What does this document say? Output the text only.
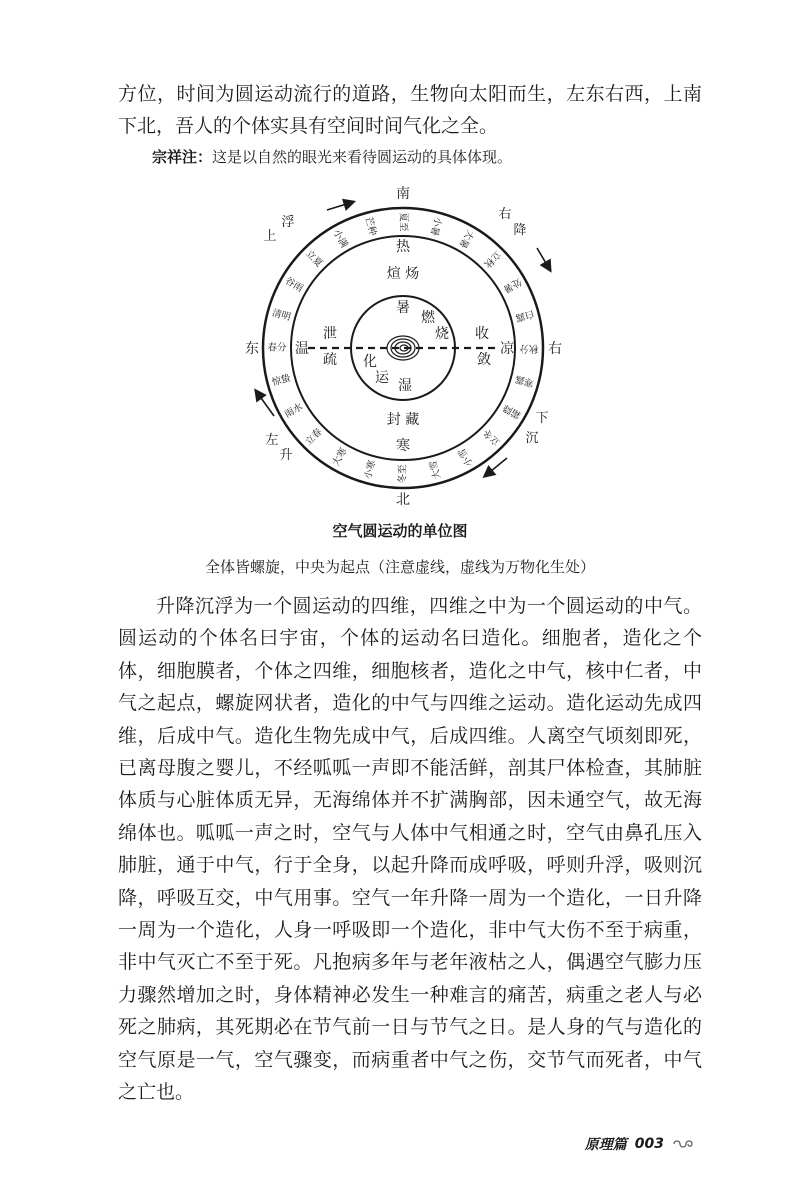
方位，时间为圆运动流行的道路，生物向太阳而生，左东右西，上南下北，吾人的个体实具有空间时间气化之全。

宗祥注：这是以自然的眼光来看待圆运动的具体体现。

南
北
东	右
上
浮
右
降
下
沉
左
升
夏至 小暑
大暑
立秋
处暑
白露
秋分
寒露
霜降
立冬
小雪
大雪
冬至
小寒
大寒
立春
雨水
惊蛰
春分
清明
谷雨
立夏
小满
芒种
热
煊 炀
寒
封 藏
温	凉
泄
疏
收
敛
暑
燃
烧
化
运 湿

空气圆运动的单位图

全体皆螺旋，中央为起点（注意虚线，虚线为万物化生处）

升降沉浮为一个圆运动的四维，四维之中为一个圆运动的中气。圆运动的个体名曰宇宙，个体的运动名曰造化。细胞者，造化之个体，细胞膜者，个体之四维，细胞核者，造化之中气，核中仁者，中气之起点，螺旋网状者，造化的中气与四维之运动。造化运动先成四维，后成中气。造化生物先成中气，后成四维。人离空气顷刻即死，已离母腹之婴儿，不经呱呱一声即不能活鲜，剖其尸体检查，其肺脏体质与心脏体质无异，无海绵体并不扩满胸部，因未通空气，故无海绵体也。呱呱一声之时，空气与人体中气相通之时，空气由鼻孔压入肺脏，通于中气，行于全身，以起升降而成呼吸，呼则升浮，吸则沉降，呼吸互交，中气用事。空气一年升降一周为一个造化，一日升降一周为一个造化，人身一呼吸即一个造化，非中气大伤不至于病重，非中气灭亡不至于死。凡抱病多年与老年液枯之人，偶遇空气膨力压力骤然增加之时，身体精神必发生一种难言的痛苦，病重之老人与必死之肺病，其死期必在节气前一日与节气之日。是人身的气与造化的空气原是一气，空气骤变，而病重者中气之伤，交节气而死者，中气之亡也。

原理篇 003
